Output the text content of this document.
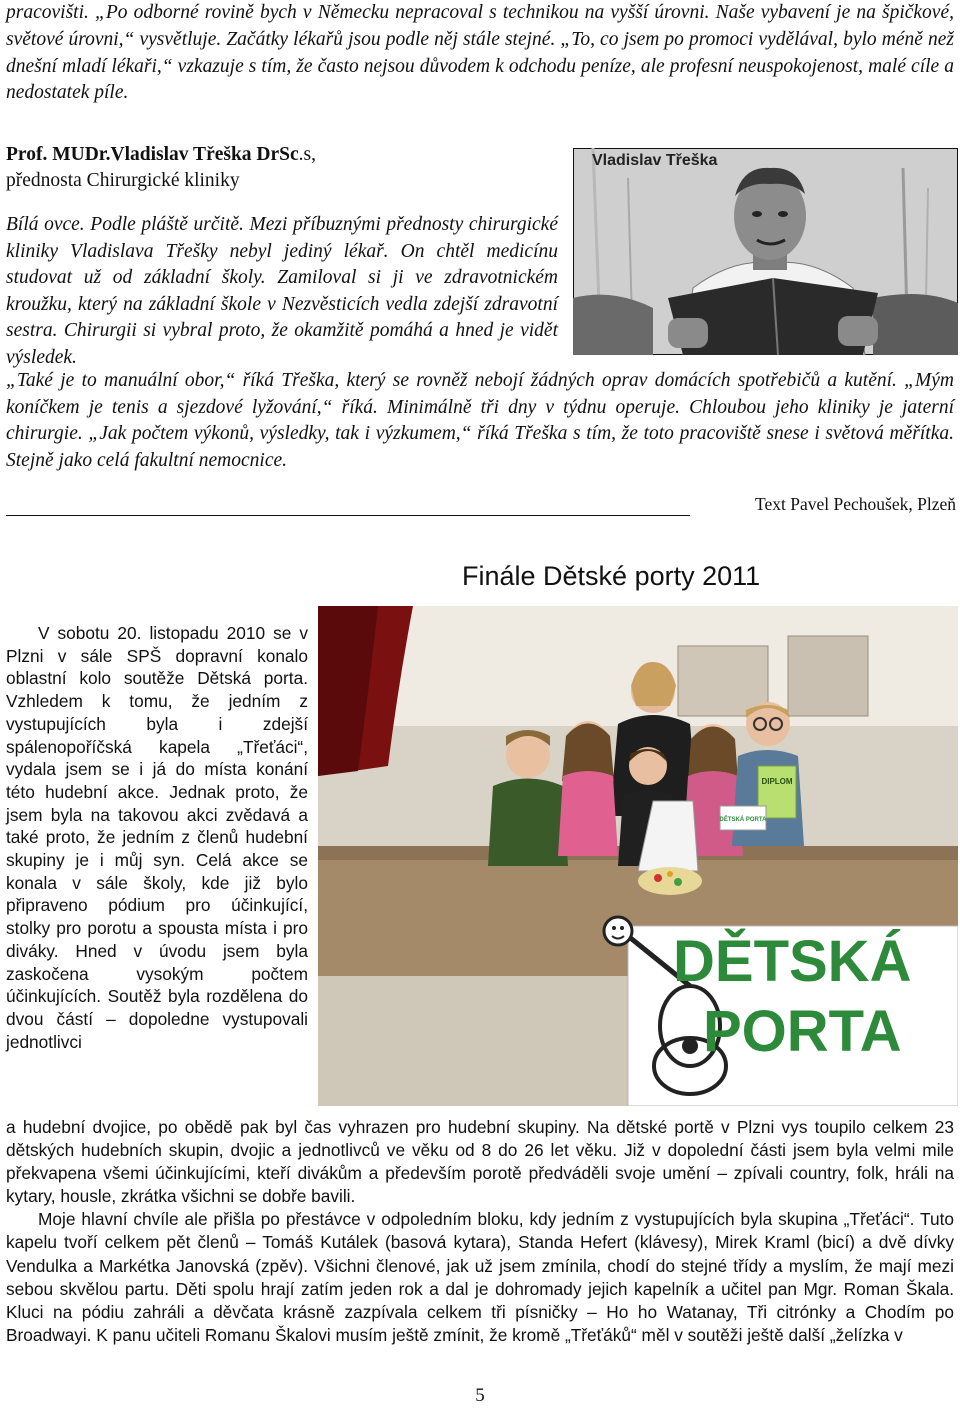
pracovišti. „Po odborné rovině bych v Německu nepracoval s technikou na vyšší úrovni. Naše vybavení je na špičkové, světové úrovni,“ vysvětluje. Začátky lékařů jsou podle něj stále stejné. „To, co jsem po promoci vydělával, bylo méně než dnešní mladí lékaři,“ vzkazuje s tím, že často nejsou důvodem k odchodu peníze, ale profesní neuspokojenost, malé cíle a nedostatek píle.

Prof. MUDr.Vladislav Třeška DrSc.s,
přednosta Chirurgické kliniky
Vladislav Třeška
Bílá ovce. Podle pláště určitě. Mezi příbuznými přednosty chirurgické kliniky Vladislava Třešky nebyl jediný lékař. On chtěl medicínu studovat už od základní školy. Zamiloval si ji ve zdravotnickém kroužku, který na základní škole v Nezvěsticích vedla zdejší zdravotní sestra. Chirurgii si vybral proto, že okamžitě pomáhá a hned je vidět výsledek.
„Také je to manuální obor,“ říká Třeška, který se rovněž nebojí žádných oprav domácích spotřebičů a kutění. „Mým koníčkem je tenis a sjezdové lyžování,“ říká. Minimálně tři dny v týdnu operuje. Chloubou jeho kliniky je jaterní chirurgie. „Jak počtem výkonů, výsledky, tak i výzkumem,“ říká Třeška s tím, že toto pracoviště snese i světová měřítka. Stejně jako celá fakultní nemocnice.
Text Pavel Pechoušek, Plzeň
Finále Dětské porty 2011
V sobotu 20. listopadu 2010 se v Plzni v sále SPŠ dopravní konalo oblastní kolo soutěže Dětská porta. Vzhledem k tomu, že jedním z vystupujících byla i zdejší spálenopoříčská kapela „Třeťáci“, vydala jsem se i já do místa konání této hudební akce. Jednak proto, že jsem byla na takovou akci zvědavá a také proto, že jedním z členů hudební skupiny je i můj syn. Celá akce se konala v sále školy, kde již bylo připraveno pódium pro účinkující, stolky pro porotu a spousta místa i pro diváky. Hned v úvodu jsem byla zaskočena vysokým počtem účinkujících. Soutěž byla rozdělena do dvou částí – dopoledne vystupovali jednotlivci
DIPLOM
DĚTSKÁ PORTA
DĚTSKÁ
PORTA

a hudební dvojice, po obědě pak byl čas vyhrazen pro hudební skupiny. Na dětské portě v Plzni vys toupilo celkem 23 dětských hudebních skupin, dvojic a jednotlivců ve věku od 8 do 26 let věku. Již v dopolední části jsem byla velmi mile překvapena všemi účinkujícími, kteří divákům a především porotě předváděli svoje umění – zpívali country, folk, hráli na kytary, housle, zkrátka všichni se dobře bavili.

Moje hlavní chvíle ale přišla po přestávce v odpoledním bloku, kdy jedním z vystupujících byla skupina „Třeťáci“. Tuto kapelu tvoří celkem pět členů – Tomáš Kutálek (basová kytara), Standa Hefert (klávesy), Mirek Kraml (bicí) a dvě dívky Vendulka a Markétka Janovská (zpěv). Všichni členové, jak už jsem zmínila, chodí do stejné třídy a myslím, že mají mezi sebou skvělou partu. Děti spolu hrají zatím jeden rok a dal je dohromady jejich kapelník a učitel pan Mgr. Roman Škala. Kluci na pódiu zahráli a děvčata krásně zazpívala celkem tři písničky – Ho ho Watanay, Tři citrónky a Chodím po Broadwayi. K panu učiteli Romanu Škalovi musím ještě zmínit, že kromě „Třeťáků“ měl v soutěži ještě další „želízka v

5
